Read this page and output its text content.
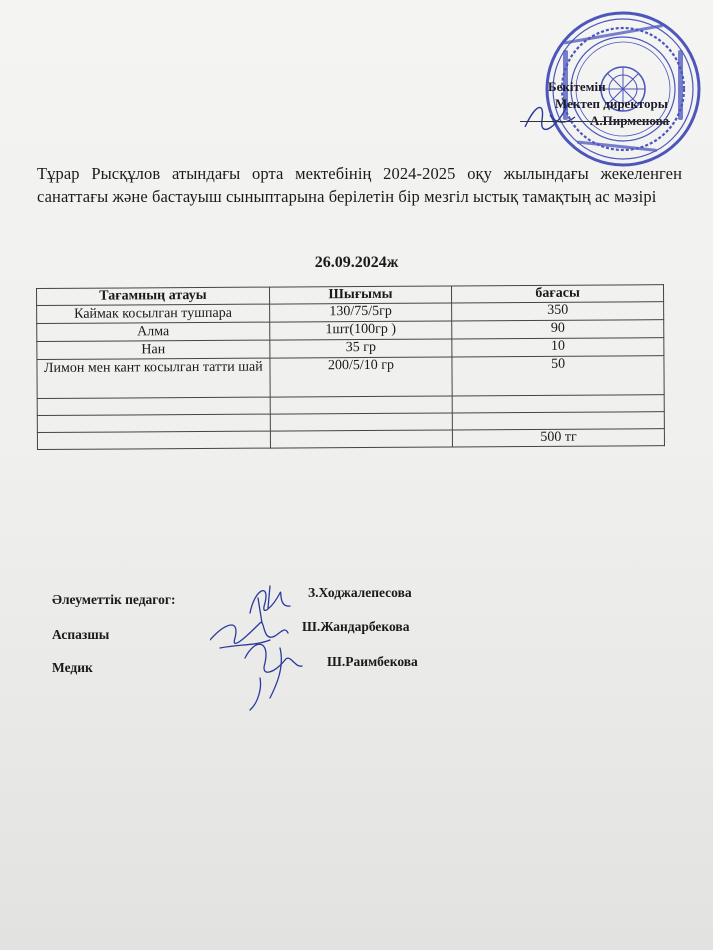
Бекітемін
Мектеп директоры
А.Пирменова
Тұрар Рысқұлов атындағы орта мектебінің 2024-2025 оқу жылындағы жекеленген санаттағы және бастауыш сыныптарына берілетін бір мезгіл ыстық тамақтың ас мәзірі
26.09.2024ж
Тағамның атауы	Шығымы	бағасы
Каймак косылган тушпара	130/75/5гр	350
Алма	1шт(100гр )	90
Нан	35 гр	10
Лимон мен кант косылган татти шай	200/5/10 гр	50

		500 тг
Әлеуметтік педагог:	З.Ходжалепесова
Аспазшы
Ш.Жандарбекова
Медик	Ш.Раимбекова
